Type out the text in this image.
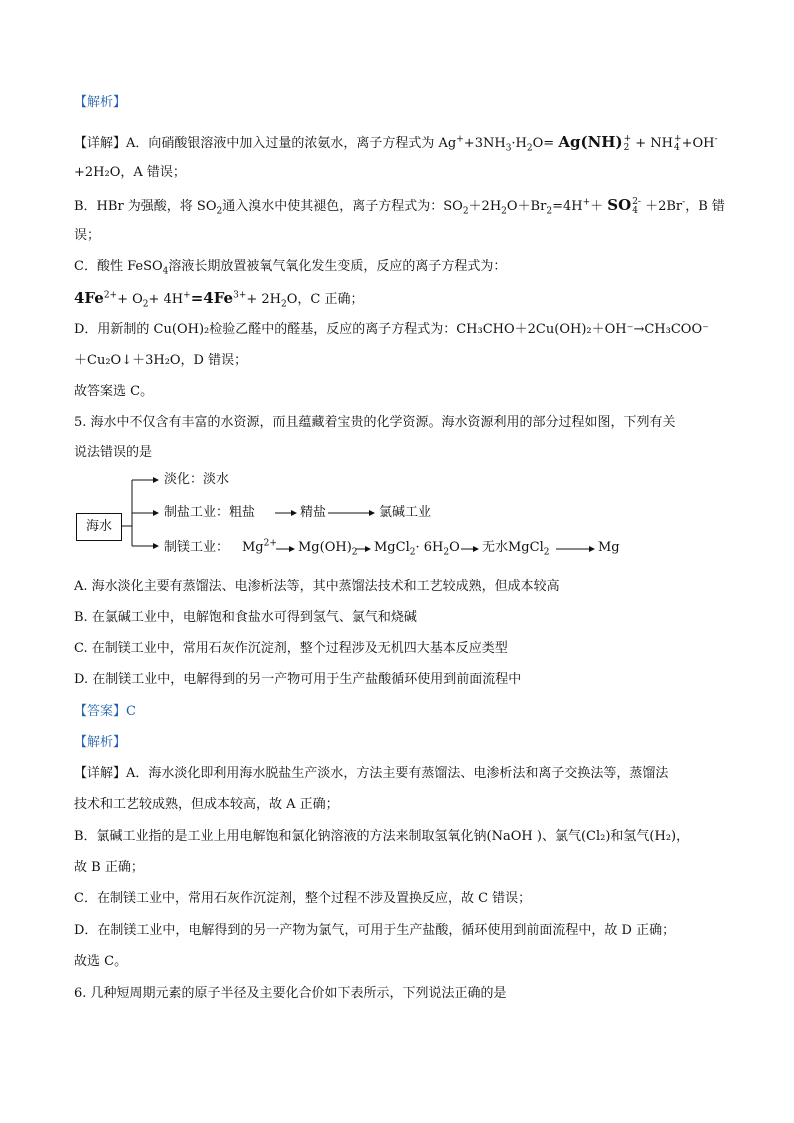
【解析】
【详解】A．向硝酸银溶液中加入过量的浓氨水，离子方程式为 $Ag^++3NH_3\cdot H_2O= Ag(NH)$ +
2 + NH +
4 +OH-
+2H₂O，A 错误；
B．HBr 为强酸，将 $SO_2$通入溴水中使其褪色，离子方程式为：$SO_2+2H_2O+Br_2=4H^++$ SO 2-
4 ＋2Br-，B 错
误；
C．酸性 FeSO$_4$溶液长期放置被氧气氧化发生变质，反应的离子方程式为：
$4Fe^{2+}+ O_2+ 4H^+=4Fe^{3+}+ 2H_2O$，C 正确；
D．用新制的 Cu(OH)₂检验乙醛中的醛基，反应的离子方程式为：CH₃CHO＋2Cu(OH)₂＋OH⁻→CH₃COO⁻
＋Cu₂O↓＋3H₂O，D 错误；
故答案选 C。
5. 海水中不仅含有丰富的水资源，而且蕴藏着宝贵的化学资源。海水资源利用的部分过程如图，下列有关
说法错误的是
海水
淡化：淡水
制盐工业：粗盐	精盐	氯碱工业
制镁工业： $Mg^{2+}$ $Mg(OH)_2$ MgCl$_2$· $6H_2O$ 无水MgCl$_2$	Mg
A. 海水淡化主要有蒸馏法、电渗析法等，其中蒸馏法技术和工艺较成熟，但成本较高
B. 在氯碱工业中，电解饱和食盐水可得到氢气、氯气和烧碱
C. 在制镁工业中，常用石灰作沉淀剂，整个过程涉及无机四大基本反应类型
D. 在制镁工业中，电解得到的另一产物可用于生产盐酸循环使用到前面流程中
【答案】C
【解析】
【详解】A．海水淡化即利用海水脱盐生产淡水，方法主要有蒸馏法、电渗析法和离子交换法等，蒸馏法
技术和工艺较成熟，但成本较高，故 A 正确；
B．氯碱工业指的是工业上用电解饱和氯化钠溶液的方法来制取氢氧化钠(NaOH )、氯气(Cl₂)和氢气(H₂)，
故 B 正确；
C．在制镁工业中，常用石灰作沉淀剂，整个过程不涉及置换反应，故 C 错误；
D．在制镁工业中，电解得到的另一产物为氯气，可用于生产盐酸，循环使用到前面流程中，故 D 正确；
故选 C。
6. 几种短周期元素的原子半径及主要化合价如下表所示，下列说法正确的是
